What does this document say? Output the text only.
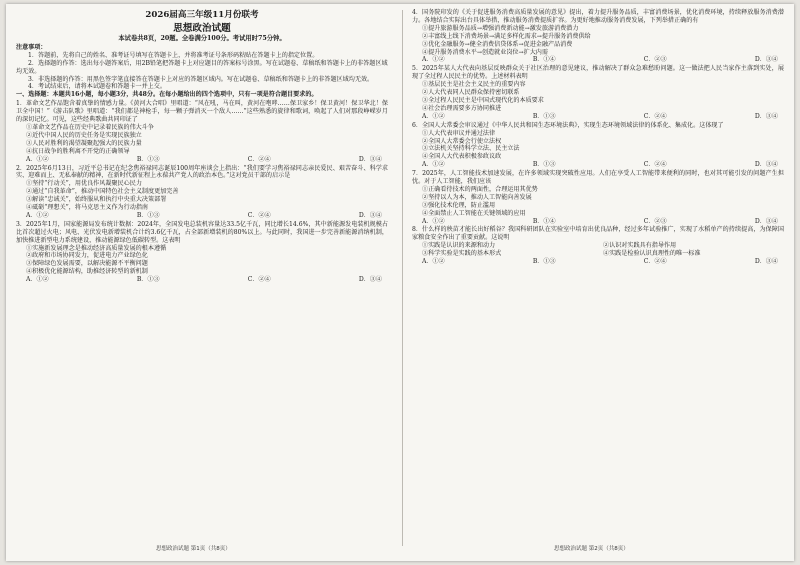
2026届高三年级11月份联考
思想政治试题
本试卷共8页，20题。全卷满分100分。考试用时75分钟。
注意事项：
1．答题前，先将自己的姓名、准考证号填写在答题卡上，并将准考证号条形码粘贴在答题卡上的指定位置。
2．选择题的作答：选出每小题答案后，用2B铅笔把答题卡上对应题目的答案标号涂黑。写在试题卷、草稿纸和答题卡上的非答题区域均无效。
3．非选择题的作答：用黑色签字笔直接答在答题卡上对应的答题区域内。写在试题卷、草稿纸和答题卡上的非答题区域均无效。
4．考试结束后，请将本试题卷和答题卡一并上交。
一、选择题：本题共16小题，每小题3分，共48分。在每小题给出的四个选项中，只有一项是符合题目要求的。
1．革命文艺作品饱含着真挚的情感力量。《黄河大合唱》里唱道：“风在吼，马在叫，黄河在咆哮……保卫家乡！保卫黄河！保卫华北！保卫全中国！”《游击队歌》里唱道：“我们都是神枪手，每一颗子弹消灭一个敌人……”这些熟悉的旋律和歌词，唤起了人们对那段峥嵘岁月的深切记忆。可见，这些经典歌曲共同印证了
①革命文艺作品在历史中记录着民族的伟大斗争
②近代中国人民的历史任务是实现民族独立
③人民对胜利的渴望凝聚起强大的民族力量
④抗日战争的胜利离不开党的正确领导
A．①②	B．①③	C．②④	D．③④
2．2025年6月13日，习近平总书记在纪念焦裕禄同志诞辰100周年座谈会上指出：“我们要学习焦裕禄同志亲民爱民、艰苦奋斗、科学求实、迎难而上、无私奉献的精神，在新时代新征程上永葆共产党人的政治本色。”这对党员干部的启示是
①坚持“行动关”，用优良作风凝聚民心民力
②通过“自我革命”，推动中国特色社会主义制度更加完善
③解读“忠诚关”，始终服从和执行中央重大决策部署
④砥砺“理想关”，将马克思主义作为行动指南
A．①②	B．①③	C．②④	D．③④
3．2025年1月，国家能源局发布统计数据：2024年，全国发电总装机容量达33.5亿千瓦，同比增长14.6%，其中新能源发电装机规模占比首次超过火电；风电、光伏发电新增装机合计约3.6亿千瓦，占全部新增装机的80%以上。与此同时，我国进一步完善新能源消纳机制，加快推进新型电力系统建设，推动能源绿色低碳转型。这表明
①实施新发展理念是推动经济高质量发展的根本遵循
②政府和市场协同发力，促进电力产业绿色化
③保障绿色发展需要，以解决能源不平衡问题
④积极优化能源结构，助推经济转型的新机制
A．①②	B．①③	C．②④	D．③④
4．国务院印发的《关于促进服务消费高质量发展的意见》提出，着力提升服务品质，丰富消费场景，优化消费环境，持续释放服务消费潜力。各地结合实际出台具体举措，推动服务消费提质扩容。为更好地推动服务消费发展，下列举措正确的有
①提升旅游服务品质→增强消费新动能→激发旅游消费潜力
②丰富线上线下消费场景→满足多样化需求→提升服务消费供给
③优化金融服务→健全消费信贷体系→促进金融产品消费
④提升服务消费水平→创造就业岗位→扩大内需
A．①②	B．①④	C．②③	D．③④
5．2025年某人大代表向基层反映群众关于社区治理的意见建议，推动解决了群众急难愁盼问题。这一做法把人民当家作主落到实处，展现了全过程人民民主的优势。上述材料表明
①基层民主是社会主义民主的重要内容
②人大代表同人民群众保持密切联系
③全过程人民民主是中国式现代化的本质要求
④社会治理需要多方协同推进
A．①②	B．①③	C．②④	D．③④
6．全国人大常委会审议通过《中华人民共和国生态环境法典》，实现生态环境领域法律的体系化、集成化。这体现了
①人大代表审议并通过法律
②全国人大常委会行使立法权
③立法机关坚持科学立法、民主立法
④全国人大代表积极参政议政
A．①②	B．①③	C．②④	D．③④
7．2025年，人工智能技术加速发展，在许多领域实现突破性应用。人们在享受人工智能带来便利的同时，也对其可能引发的问题产生担忧。对于人工智能，我们应该
①正确看待技术的两面性，合理运用其优势
②坚持以人为本，推动人工智能向善发展
③强化技术伦理，防止滥用
④全面禁止人工智能在关键领域的应用
A．①②	B．①④	C．②③	D．③④
8．什么样的秧苗才能长出好稻谷？我国科研团队在实验室中培育出优良品种，经过多年试验推广，实现了水稻单产的持续提高，为保障国家粮食安全作出了重要贡献。这说明
①实践是认识的来源和动力	②认识对实践具有指导作用
③科学实验是实践的基本形式	④实践是检验认识真理性的唯一标准
A．①②	B．①③	C．②④	D．③④
思想政治试题 第1页（共8页）	思想政治试题 第2页（共8页）
